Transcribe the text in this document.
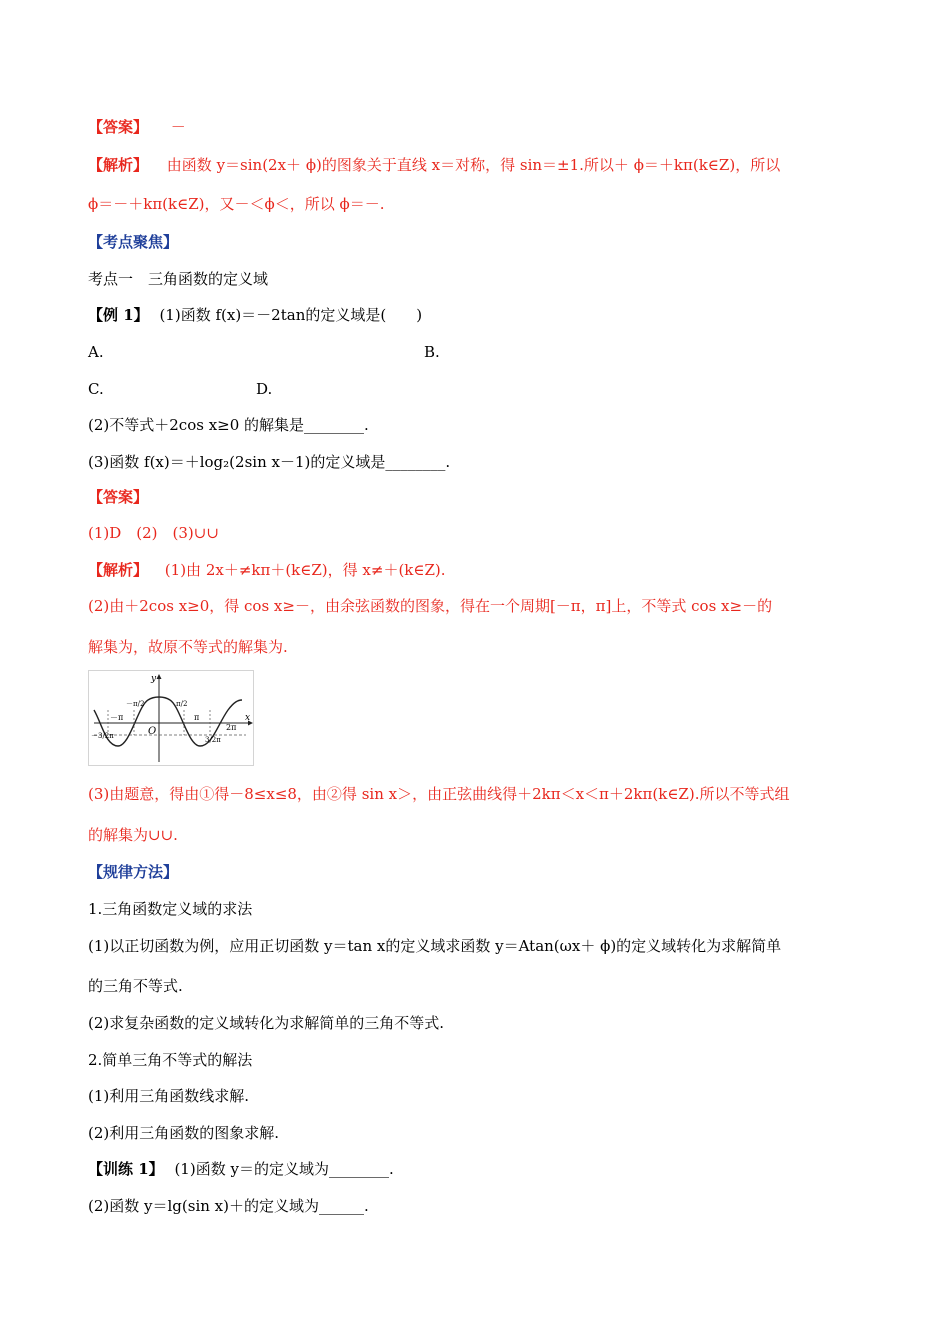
【答案】 －
【解析】 由函数 y＝sin(2x＋ ϕ)的图象关于直线 x＝对称，得 sin＝±1.所以＋ ϕ＝＋kπ(k∈Z)，所以
ϕ＝－＋kπ(k∈Z)，又－＜ϕ＜，所以 ϕ＝－.
【考点聚焦】
考点一　三角函数的定义域
【例 1】 (1)函数 f(x)＝－2tan的定义域是(　　)
A.	B.
C.	D.
(2)不等式＋2cos x≥0 的解集是________.
(3)函数 f(x)＝＋log₂(2sin x－1)的定义域是________.
【答案】
(1)D　(2)　(3)∪∪
【解析】 (1)由 2x＋≠kπ＋(k∈Z)，得 x≠＋(k∈Z).
(2)由＋2cos x≥0，得 cos x≥－，由余弦函数的图象，得在一个周期[－π，π]上，不等式 cos x≥－的
解集为，故原不等式的解集为.
y
x
O
－π
－π/2	π/2
π
－3/2π	3/2π
2π
(3)由题意，得由①得－8≤x≤8，由②得 sin x＞，由正弦曲线得＋2kπ＜x＜π＋2kπ(k∈Z).所以不等式组
的解集为∪∪.
【规律方法】
1.三角函数定义域的求法
(1)以正切函数为例，应用正切函数 y＝tan x的定义域求函数 y＝Atan(ωx＋ ϕ)的定义域转化为求解简单
的三角不等式.
(2)求复杂函数的定义域转化为求解简单的三角不等式.
2.简单三角不等式的解法
(1)利用三角函数线求解.
(2)利用三角函数的图象求解.
【训练 1】 (1)函数 y＝的定义域为________.
(2)函数 y＝lg(sin x)＋的定义域为______.
